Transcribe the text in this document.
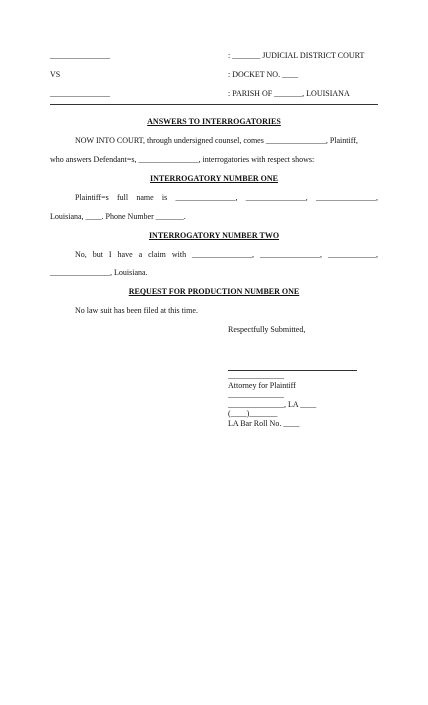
_______________	: _______ JUDICIAL DISTRICT COURT
VS	: DOCKET NO. ____
_______________	: PARISH OF _______, LOUISIANA
ANSWERS TO INTERROGATORIES
NOW INTO COURT, through undersigned counsel, comes _______________, Plaintiff,
who answers Defendant=s, _______________, interrogatories with respect shows:
INTERROGATORY NUMBER ONE
Plaintiff=s full name is _______________, _______________, _______________,
Louisiana, ____. Phone Number _______.
INTERROGATORY NUMBER TWO
No, but I have a claim with _______________, _______________, ____________,
_______________, Louisiana.
REQUEST FOR PRODUCTION NUMBER ONE
No law suit has been filed at this time.
Respectfully Submitted,
______________
Attorney for Plaintiff
______________
______________, LA ____
(____)_______
LA Bar Roll No. ____
